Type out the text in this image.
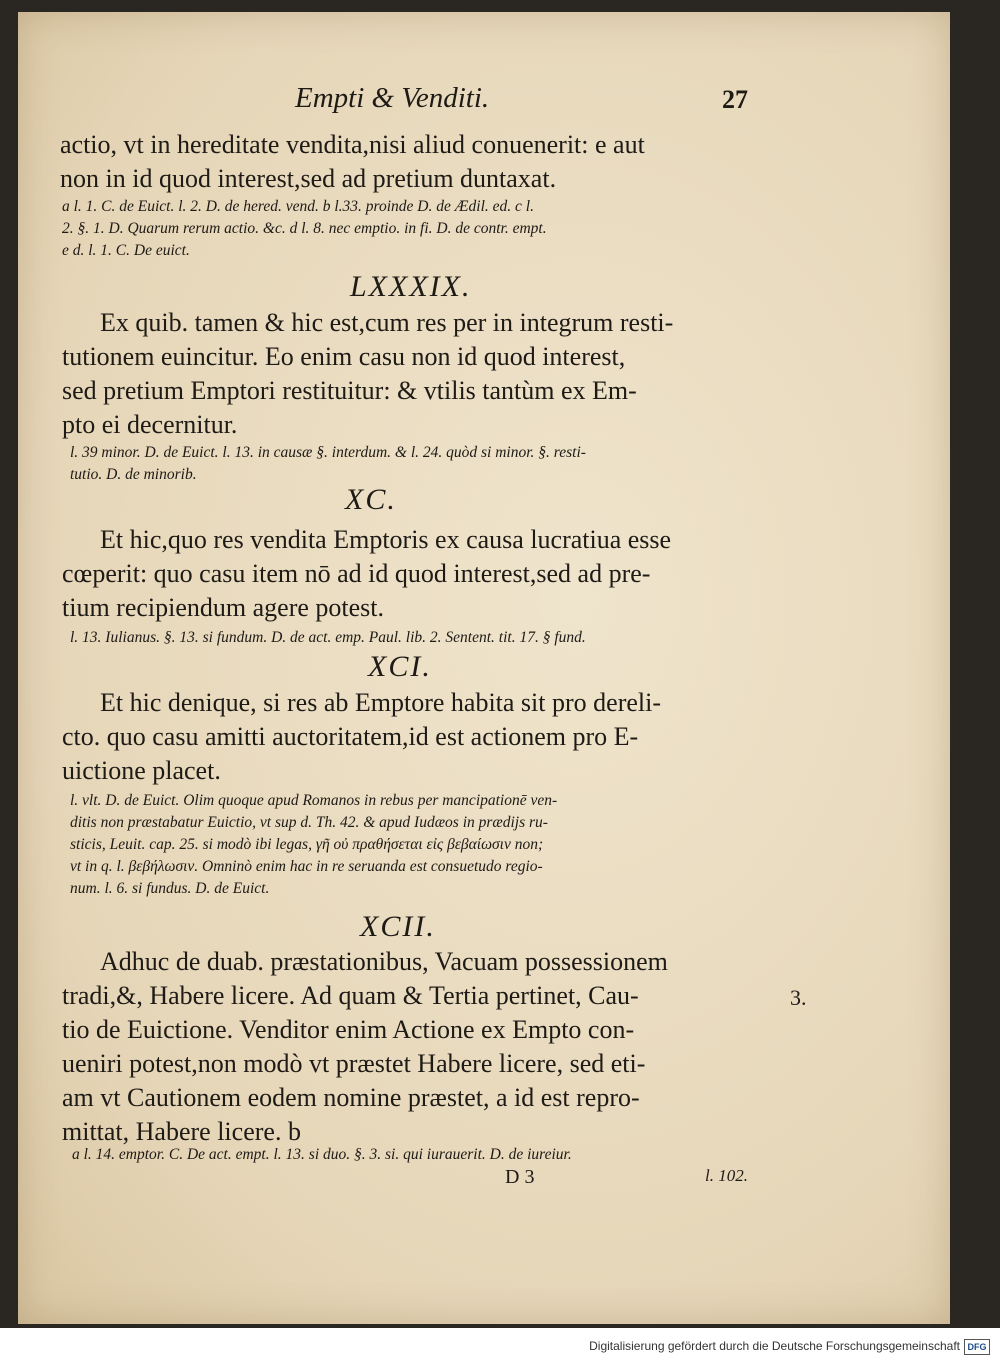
Empti & Venditi.	27
actio, vt in hereditate vendita,nisi aliud conuenerit: e aut
non in id quod interest,sed ad pretium duntaxat.
a l. 1. C. de Euict. l. 2. D. de hered. vend. b l.33. proinde D. de Ædil. ed. c l.
2. §. 1. D. Quarum rerum actio. &c. d l. 8. nec emptio. in fi. D. de contr. empt.
e d. l. 1. C. De euict.
LXXXIX.
Ex quib. tamen & hic est,cum res per in integrum resti-
tutionem euincitur. Eo enim casu non id quod interest,
sed pretium Emptori restituitur: & vtilis tantùm ex Em-
pto ei decernitur.
l. 39 minor. D. de Euict. l. 13. in causæ §. interdum. & l. 24. quòd si minor. §. resti-
tutio. D. de minorib.
XC.
Et hic,quo res vendita Emptoris ex causa lucratiua esse
cœperit: quo casu item nō ad id quod interest,sed ad pre-
tium recipiendum agere potest.
l. 13. Iulianus. §. 13. si fundum. D. de act. emp. Paul. lib. 2. Sentent. tit. 17. § fund.
XCI.
Et hic denique, si res ab Emptore habita sit pro dereli-
cto. quo casu amitti auctoritatem,id est actionem pro E-
uictione placet.
l. vlt. D. de Euict. Olim quoque apud Romanos in rebus per mancipationē ven-
ditis non præstabatur Euictio, vt sup d. Th. 42. & apud Iudæos in prædijs ru-
sticis, Leuit. cap. 25. si modò ibi legas, γῆ οὐ πραθήσεται εἰς βεβαίωσιν non;
vt in q. l. βεβήλωσιν. Omninò enim hac in re seruanda est consuetudo regio-
num. l. 6. si fundus. D. de Euict.
XCII.
Adhuc de duab. præstationibus, Vacuam possessionem
tradi,&, Habere licere. Ad quam & Tertia pertinet, Cau-
tio de Euictione. Venditor enim Actione ex Empto con-
ueniri potest,non modò vt præstet Habere licere, sed eti-
am vt Cautionem eodem nomine præstet, a id est repro-
mittat, Habere licere. b
a l. 14. emptor. C. De act. empt. l. 13. si duo. §. 3. si. qui iurauerit. D. de iureiur.
3.
D 3	l. 102.
Digitalisierung gefördert durch die Deutsche Forschungsgemeinschaft DFG
